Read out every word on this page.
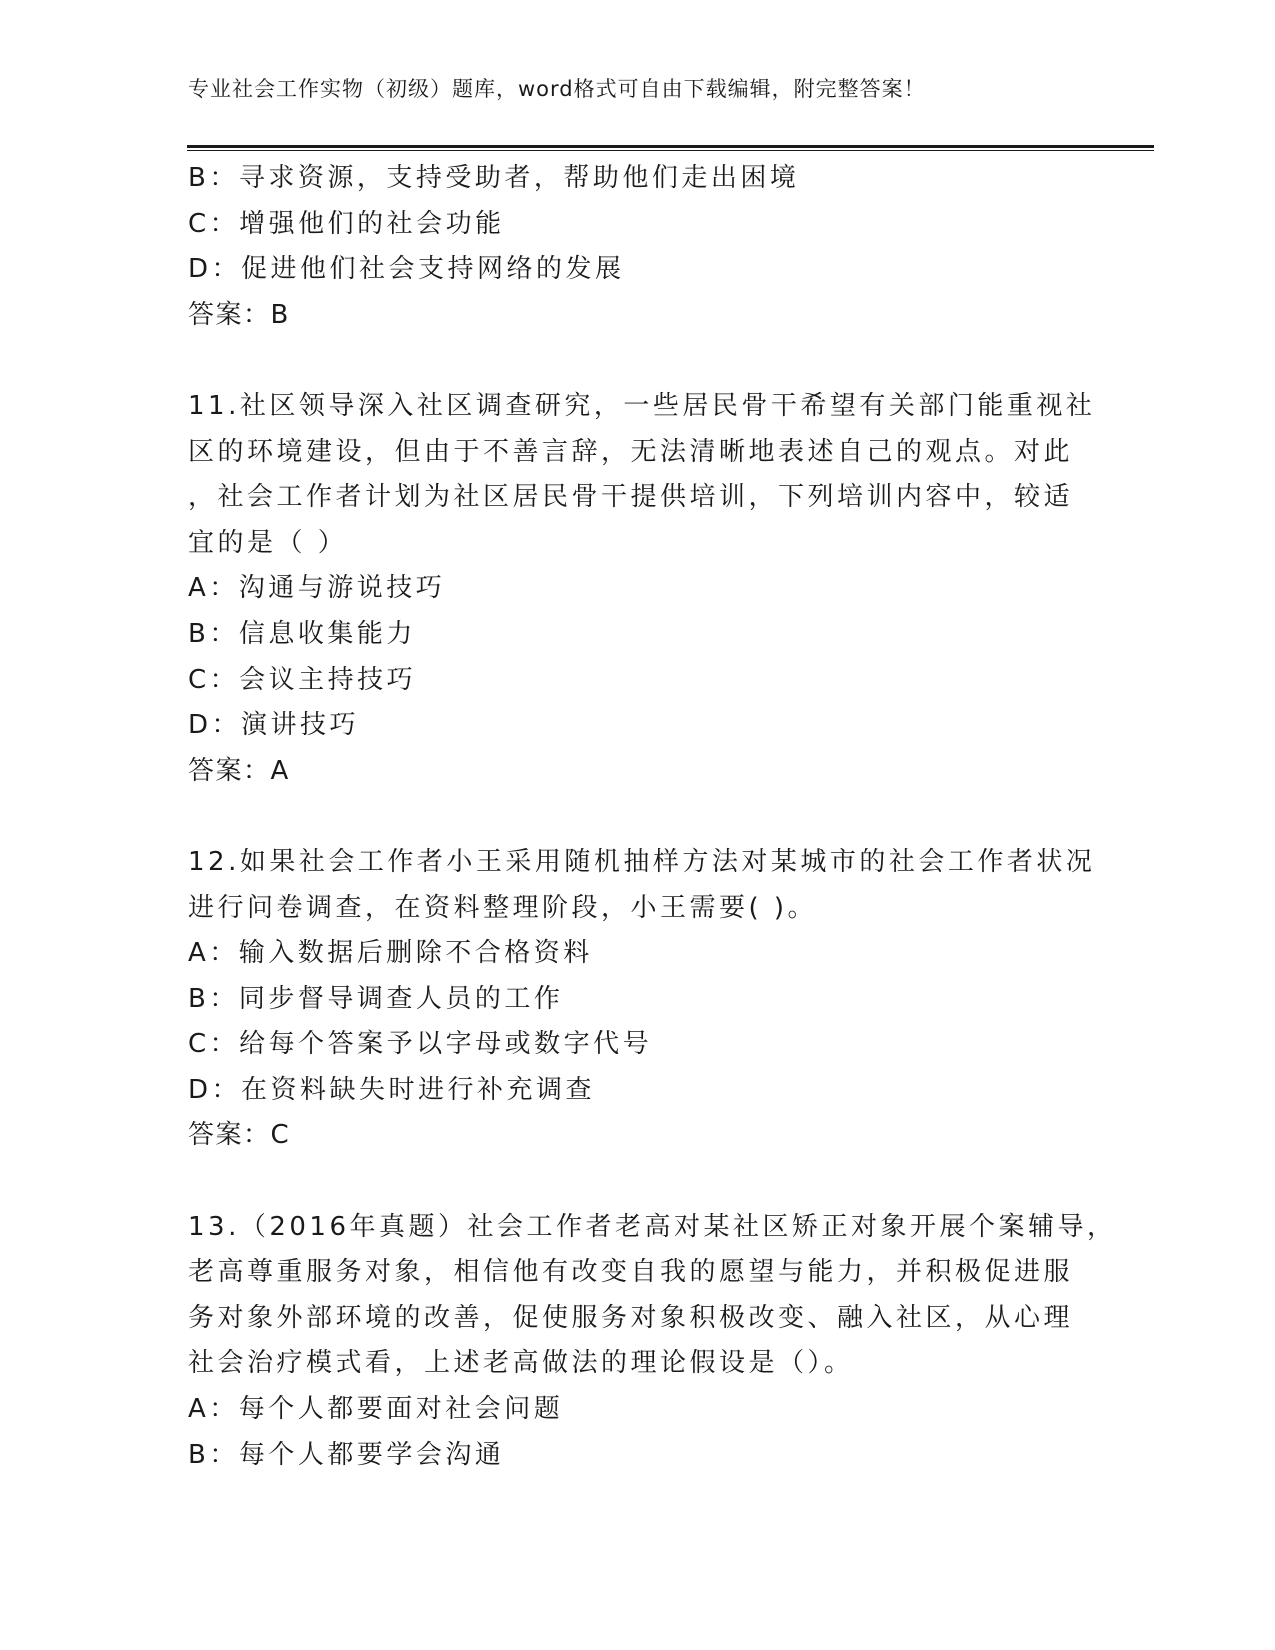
专业社会工作实物（初级）题库，word格式可自由下载编辑，附完整答案！
B：寻求资源，支持受助者，帮助他们走出困境
C：增强他们的社会功能
D：促进他们社会支持网络的发展
答案：B
11.社区领导深入社区调查研究，一些居民骨干希望有关部门能重视社
区的环境建设，但由于不善言辞，无法清晰地表述自己的观点。对此
，社会工作者计划为社区居民骨干提供培训，下列培训内容中，较适
宜的是（ ）
A：沟通与游说技巧
B：信息收集能力
C：会议主持技巧
D：演讲技巧
答案：A
12.如果社会工作者小王采用随机抽样方法对某城市的社会工作者状况
进行问卷调查，在资料整理阶段，小王需要( )。
A：输入数据后删除不合格资料
B：同步督导调查人员的工作
C：给每个答案予以字母或数字代号
D：在资料缺失时进行补充调查
答案：C
13.（2016年真题）社会工作者老高对某社区矫正对象开展个案辅导，
老高尊重服务对象，相信他有改变自我的愿望与能力，并积极促进服
务对象外部环境的改善，促使服务对象积极改变、融入社区，从心理
社会治疗模式看，上述老高做法的理论假设是（）。
A：每个人都要面对社会问题
B：每个人都要学会沟通
